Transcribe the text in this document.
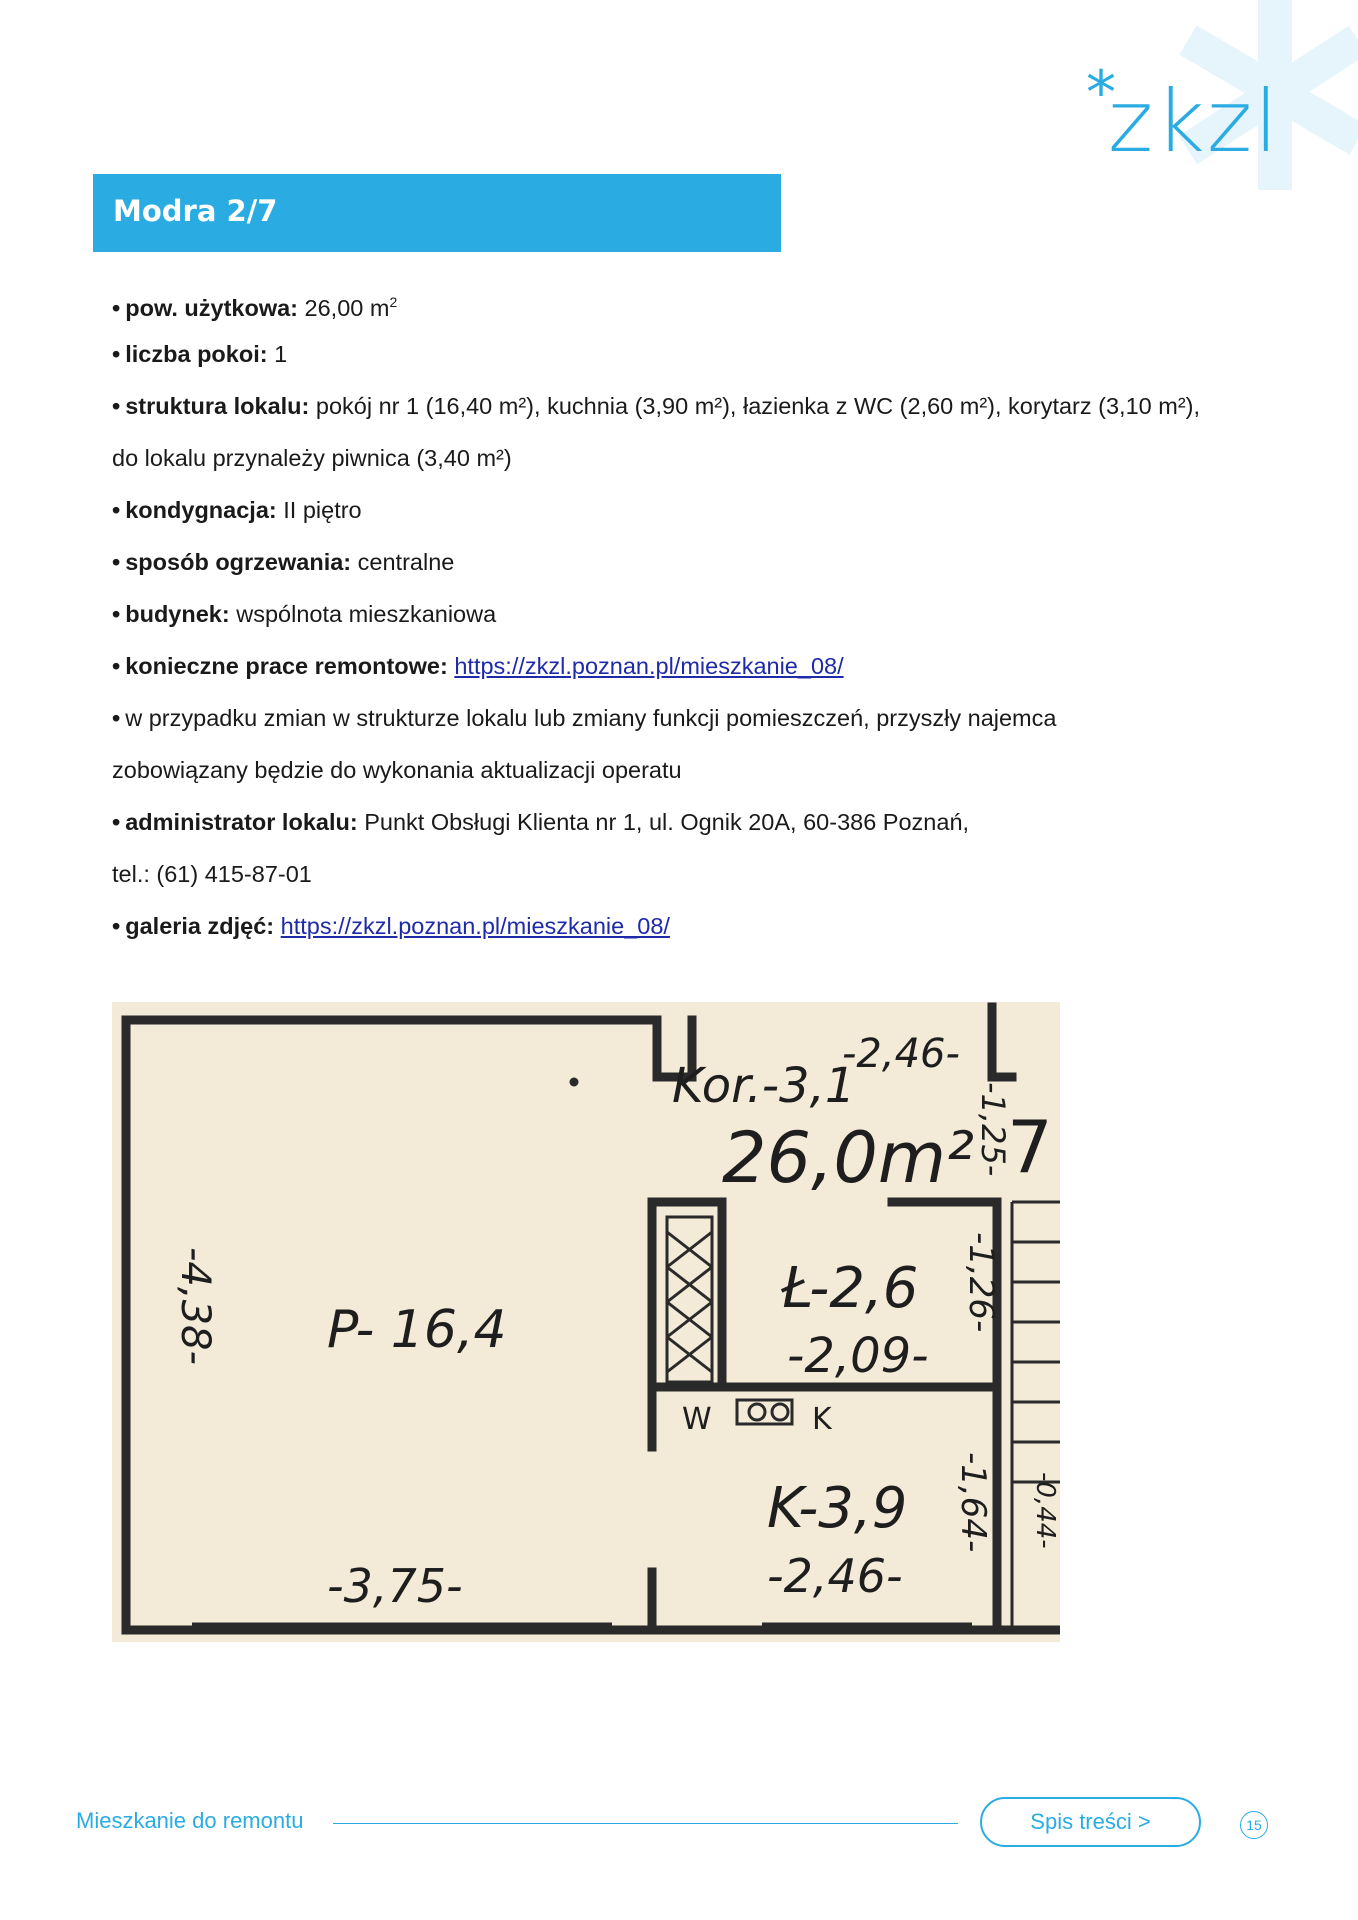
*
zkzl
Modra 2/7
• pow. użytkowa: 26,00 $m^2$
• liczba pokoi: 1
• struktura lokalu: pokój nr 1 (16,40 m²), kuchnia (3,90 m²), łazienka z WC (2,60 m²), korytarz (3,10 m²),
do lokalu przynależy piwnica (3,40 m²)
• kondygnacja: II piętro
• sposób ogrzewania: centralne
• budynek: wspólnota mieszkaniowa
• konieczne prace remontowe: https://zkzl.poznan.pl/mieszkanie_08/
• w przypadku zmian w strukturze lokalu lub zmiany funkcji pomieszczeń, przyszły najemca
zobowiązany będzie do wykonania aktualizacji operatu
• administrator lokalu: Punkt Obsługi Klienta nr 1, ul. Ognik 20A, 60-386 Poznań,
tel.: (61) 415-87-01
• galeria zdjęć: https://zkzl.poznan.pl/mieszkanie_08/
Kor.-3,1
-2,46-
26,0m² 7
-1,25-
Ł-2,6 -1,26-
-2,09-
P- 16,4
-4,38-
W	K
K-3,9 -1,64- -0,44-
-3,75-	-2,46-
Mieszkanie do remontu	Spis treści >	15
